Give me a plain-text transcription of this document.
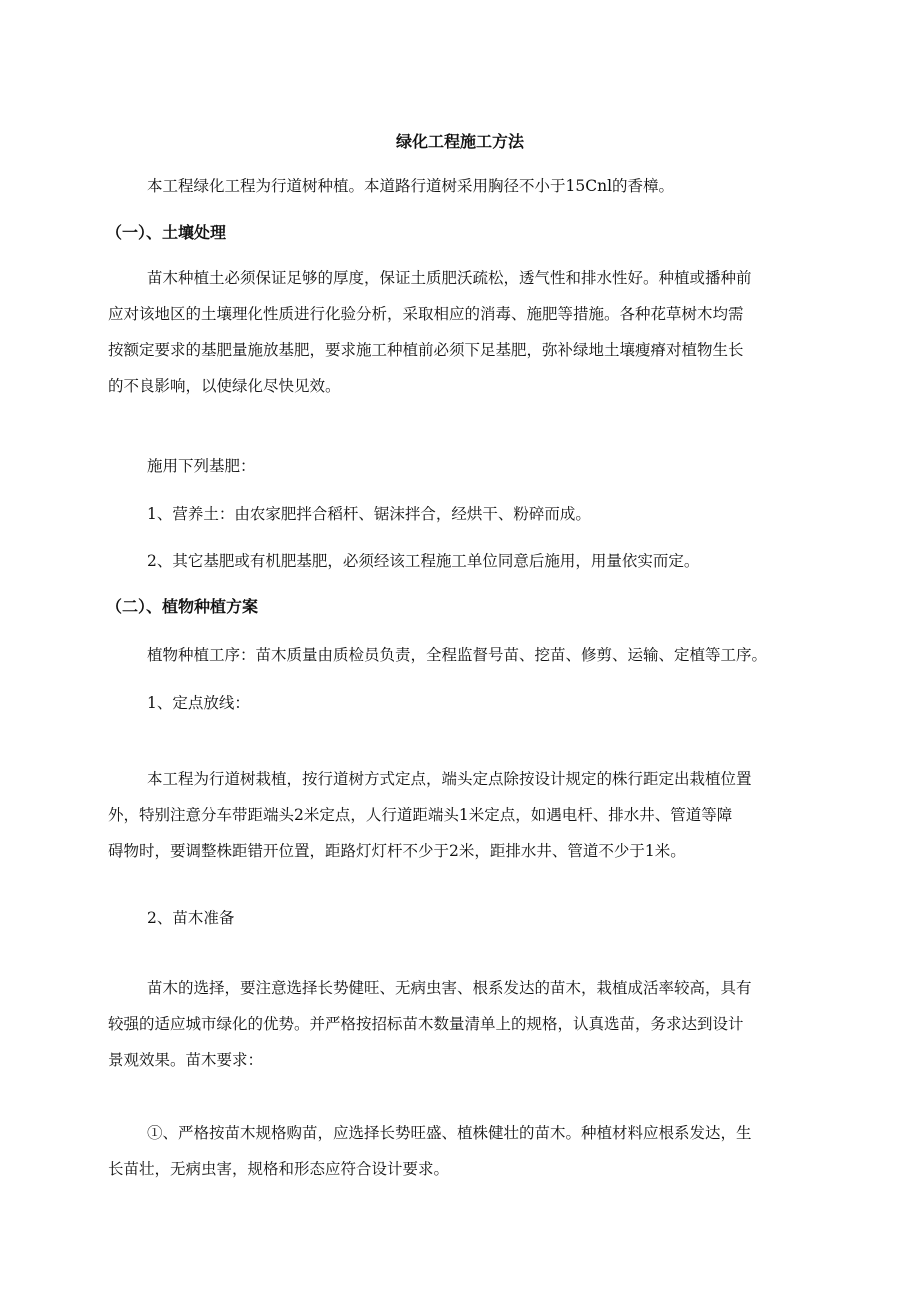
绿化工程施工方法

本工程绿化工程为行道树种植。本道路行道树采用胸径不小于15Cnl的香樟。

（一）、土壤处理
苗木种植土必须保证足够的厚度，保证土质肥沃疏松，透气性和排水性好。种植或播种前
应对该地区的土壤理化性质进行化验分析，采取相应的消毒、施肥等措施。各种花草树木均需
按额定要求的基肥量施放基肥，要求施工种植前必须下足基肥，弥补绿地土壤瘦瘠对植物生长
的不良影响，以使绿化尽快见效。

施用下列基肥：

1、营养土：由农家肥拌合稻杆、锯沫拌合，经烘干、粉碎而成。

2、其它基肥或有机肥基肥，必须经该工程施工单位同意后施用，用量依实而定。

（二）、植物种植方案

植物种植工序：苗木质量由质检员负责，全程监督号苗、挖苗、修剪、运输、定植等工序。

1、定点放线：

本工程为行道树栽植，按行道树方式定点，端头定点除按设计规定的株行距定出栽植位置
外，特别注意分车带距端头2米定点，人行道距端头1米定点，如遇电杆、排水井、管道等障
碍物时，要调整株距错开位置，距路灯灯杆不少于2米，距排水井、管道不少于1米。

2、苗木准备

苗木的选择，要注意选择长势健旺、无病虫害、根系发达的苗木，栽植成活率较高，具有
较强的适应城市绿化的优势。并严格按招标苗木数量清单上的规格，认真选苗，务求达到设计
景观效果。苗木要求：
①、严格按苗木规格购苗，应选择长势旺盛、植株健壮的苗木。种植材料应根系发达，生
长苗壮，无病虫害，规格和形态应符合设计要求。
